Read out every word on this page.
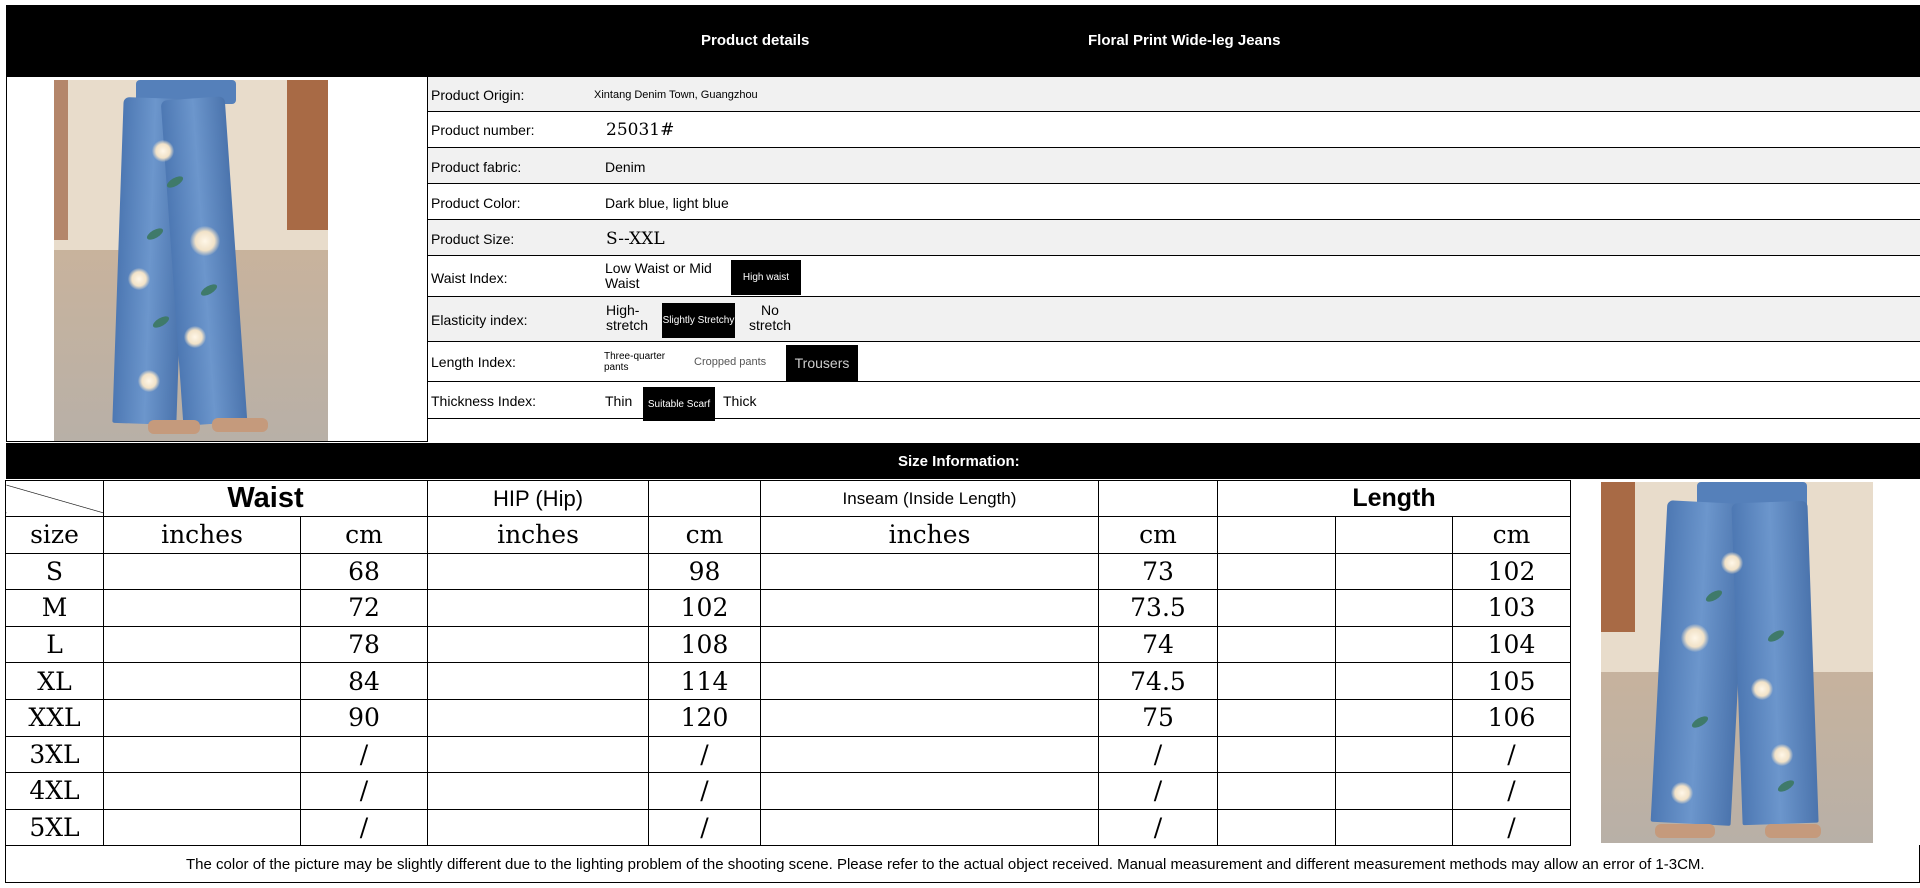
Product details	Floral Print Wide-leg Jeans
Product Origin:	Xintang Denim Town, Guangzhou
Product number:	25031#
Product fabric:	Denim
Product Color:	Dark blue, light blue
Product Size:	S--XXL
Waist Index:
Low Waist or Mid Waist	High waist
Elasticity index:
High-stretch	Slightly Stretchy
No stretch
Length Index:	Three-quarter pants	Cropped pants	Trousers
Thickness Index:	Thin	Suitable Scarf Thick
Size Information:
	Waist		HIP (Hip)		Inseam (Inside Length)		Length		
size	inches	cm	inches	cm	inches	cm			cm
S		68		98		73			102
M		72		102		73.5			103
L		78		108		74			104
XL		84		114		74.5			105
XXL		90		120		75			106
3XL		/		/		/			/
4XL		/		/		/			/
5XL		/		/		/			/
The color of the picture may be slightly different due to the lighting problem of the shooting scene. Please refer to the actual object received. Manual measurement and different measurement methods may allow an error of 1-3CM.
